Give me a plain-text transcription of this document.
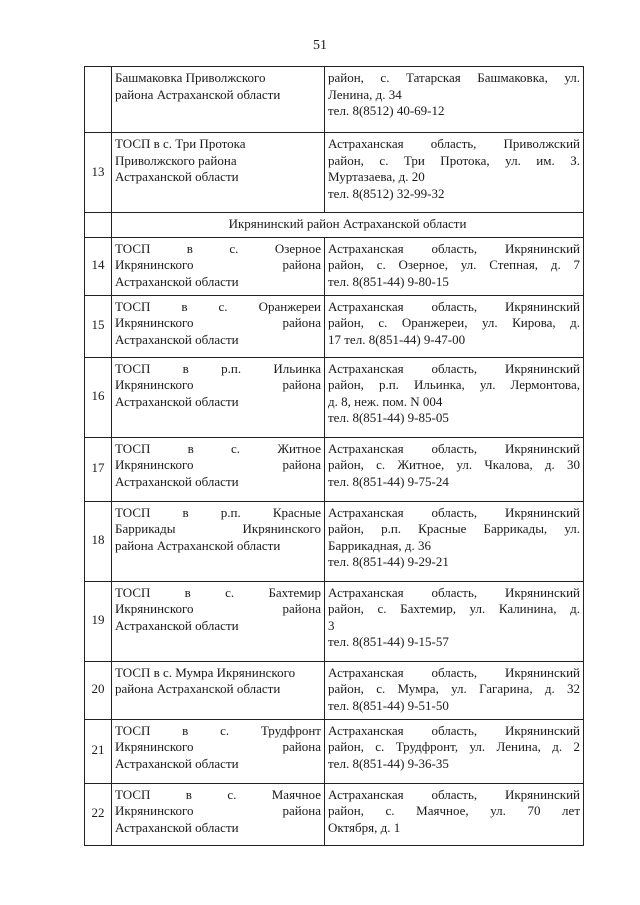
51

	Башмаковка Приволжского
района Астраханской области	район, с. Татарская Башмаковка, ул.
Ленина, д. 34
тел. 8(8512) 40-69-12

13	ТОСП в с. Три Протока
Приволжского района
Астраханской области	Астраханская область, Приволжский
район, с. Три Протока, ул. им. З.
Муртазаева, д. 20
тел. 8(8512) 32-99-32

	Икрянинский район Астраханской области	
14	ТОСП в с. Озерное
Икрянинского района
Астраханской области	Астраханская область, Икрянинский
район, с. Озерное, ул. Степная, д. 7
тел. 8(851-44) 9-80-15

15	ТОСП в с. Оранжереи
Икрянинского района
Астраханской области	Астраханская область, Икрянинский
район, с. Оранжереи, ул. Кирова, д.
17 тел. 8(851-44) 9-47-00

16	ТОСП в р.п. Ильинка
Икрянинского района
Астраханской области	Астраханская область, Икрянинский
район, р.п. Ильинка, ул. Лермонтова,
д. 8, неж. пом. N 004
тел. 8(851-44) 9-85-05

17	ТОСП в с. Житное
Икрянинского района
Астраханской области	Астраханская область, Икрянинский
район, с. Житное, ул. Чкалова, д. 30
тел. 8(851-44) 9-75-24

18	ТОСП в р.п. Красные
Баррикады Икрянинского
района Астраханской области	Астраханская область, Икрянинский
район, р.п. Красные Баррикады, ул.
Баррикадная, д. 36
тел. 8(851-44) 9-29-21

19	ТОСП в с. Бахтемир
Икрянинского района
Астраханской области	Астраханская область, Икрянинский
район, с. Бахтемир, ул. Калинина, д.
3
тел. 8(851-44) 9-15-57

20	ТОСП в с. Мумра Икрянинского
района Астраханской области	Астраханская область, Икрянинский
район, с. Мумра, ул. Гагарина, д. 32
тел. 8(851-44) 9-51-50

21	ТОСП в с. Трудфронт
Икрянинского района
Астраханской области	Астраханская область, Икрянинский
район, с. Трудфронт, ул. Ленина, д. 2
тел. 8(851-44) 9-36-35

22	ТОСП в с. Маячное
Икрянинского района
Астраханской области	Астраханская область, Икрянинский
район, с. Маячное, ул. 70 лет
Октября, д. 1
